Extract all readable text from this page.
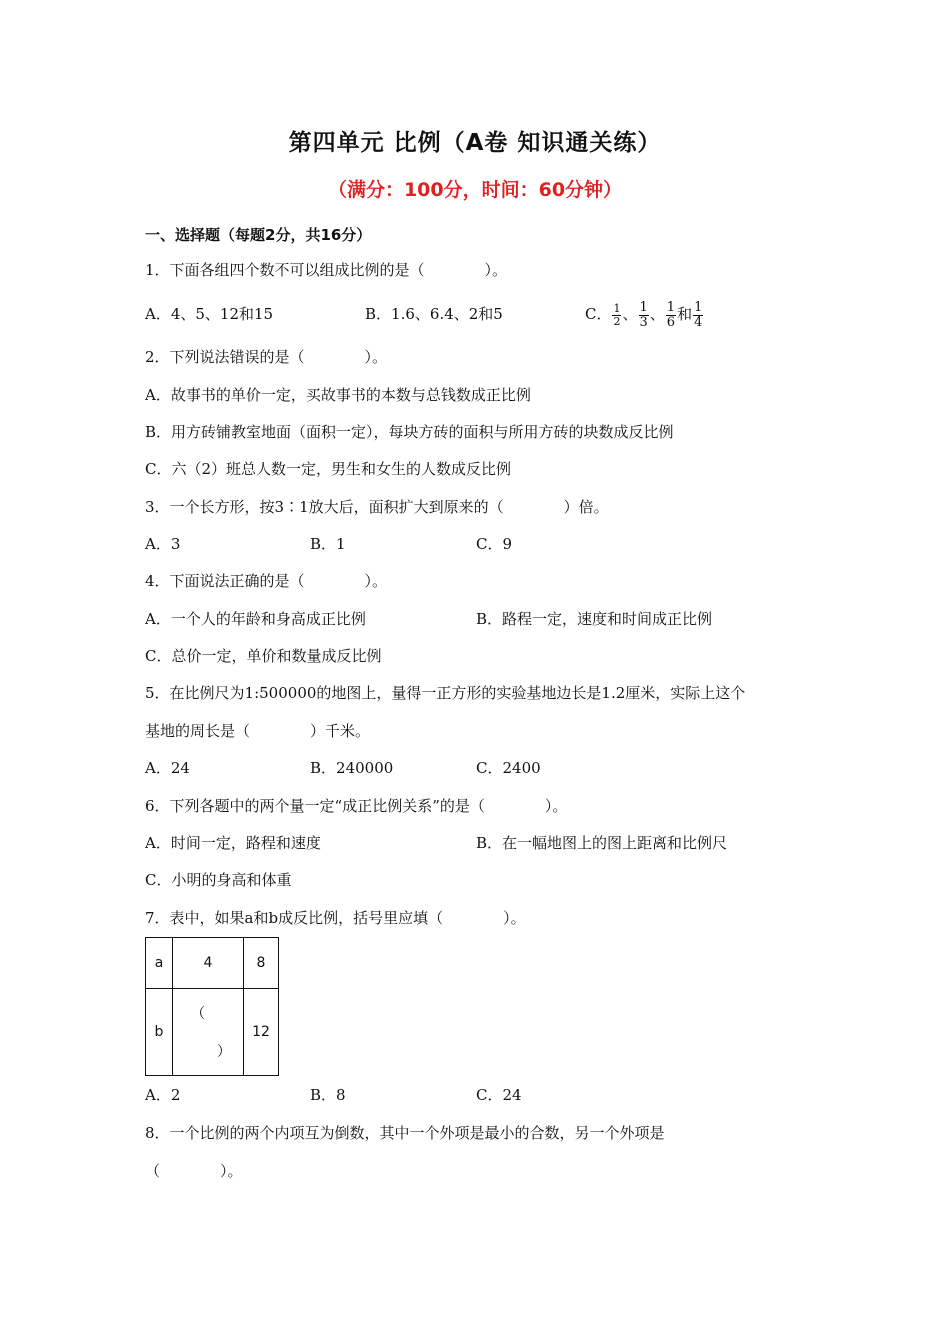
第四单元 比例（A卷 知识通关练）
（满分：100分，时间：60分钟）
一、选择题（每题2分，共16分）
1．下面各组四个数不可以组成比例的是（　　　　）。
A．4、5、12和15	B．1.6、6.4、2和5	C． $\frac{1}{2}$ 、 $\frac{1}{3}$ 、 $\frac{1}{6}$ 和 $\frac{1}{4}$
2．下列说法错误的是（　　　　）。
A．故事书的单价一定，买故事书的本数与总钱数成正比例
B．用方砖铺教室地面（面积一定），每块方砖的面积与所用方砖的块数成反比例
C．六（2）班总人数一定，男生和女生的人数成反比例
3．一个长方形，按3∶1放大后，面积扩大到原来的（　　　　）倍。
A．3	B．1	C．9
4．下面说法正确的是（　　　　）。
A．一个人的年龄和身高成正比例	B．路程一定，速度和时间成正比例
C．总价一定，单价和数量成反比例
5．在比例尺为1:500000的地图上，量得一正方形的实验基地边长是1.2厘米，实际上这个
基地的周长是（　　　　）千米。
A．24	B．240000	C．2400
6．下列各题中的两个量一定“成正比例关系”的是（　　　　）。
A．时间一定，路程和速度	B．在一幅地图上的图上距离和比例尺
C．小明的身高和体重
7．表中，如果a和b成反比例，括号里应填（　　　　）。
a	4	8
b	（
）	12
A．2	B．8	C．24
8．一个比例的两个内项互为倒数，其中一个外项是最小的合数，另一个外项是
（　　　　）。
